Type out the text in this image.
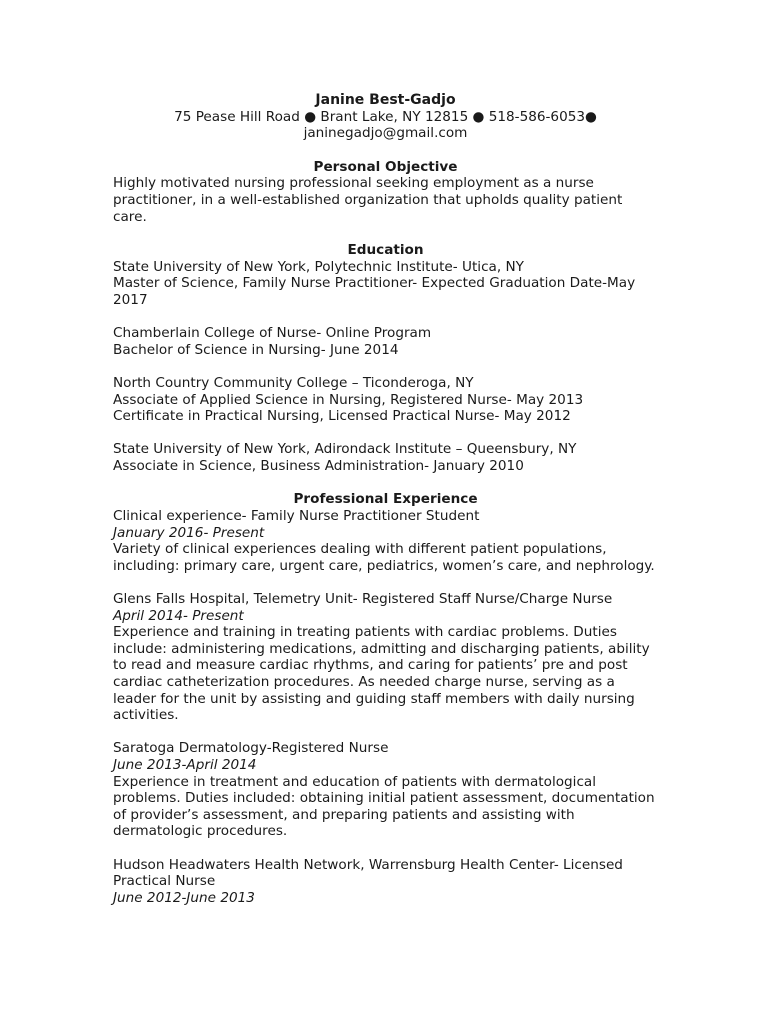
Janine Best-Gadjo

75 Pease Hill Road ● Brant Lake, NY 12815 ● 518-586-6053●

janinegadjo@gmail.com

Personal Objective

Highly motivated nursing professional seeking employment as a nurse practitioner, in a well-established organization that upholds quality patient care.

Education

State University of New York, Polytechnic Institute- Utica, NY

Master of Science, Family Nurse Practitioner- Expected Graduation Date-May 2017

Chamberlain College of Nurse- Online Program

Bachelor of Science in Nursing- June 2014

North Country Community College – Ticonderoga, NY

Associate of Applied Science in Nursing, Registered Nurse- May 2013

Certificate in Practical Nursing, Licensed Practical Nurse- May 2012

State University of New York, Adirondack Institute – Queensbury, NY

Associate in Science, Business Administration- January 2010

Professional Experience

Clinical experience- Family Nurse Practitioner Student

January 2016- Present

Variety of clinical experiences dealing with different patient populations, including: primary care, urgent care, pediatrics, women’s care, and nephrology.

Glens Falls Hospital, Telemetry Unit- Registered Staff Nurse/Charge Nurse

April 2014- Present

Experience and training in treating patients with cardiac problems. Duties include: administering medications, admitting and discharging patients, ability to read and measure cardiac rhythms, and caring for patients’ pre and post cardiac catheterization procedures. As needed charge nurse, serving as a leader for the unit by assisting and guiding staff members with daily nursing activities.

Saratoga Dermatology-Registered Nurse

June 2013-April 2014

Experience in treatment and education of patients with dermatological problems. Duties included: obtaining initial patient assessment, documentation of provider’s assessment, and preparing patients and assisting with dermatologic procedures.

Hudson Headwaters Health Network, Warrensburg Health Center- Licensed Practical Nurse

June 2012-June 2013
